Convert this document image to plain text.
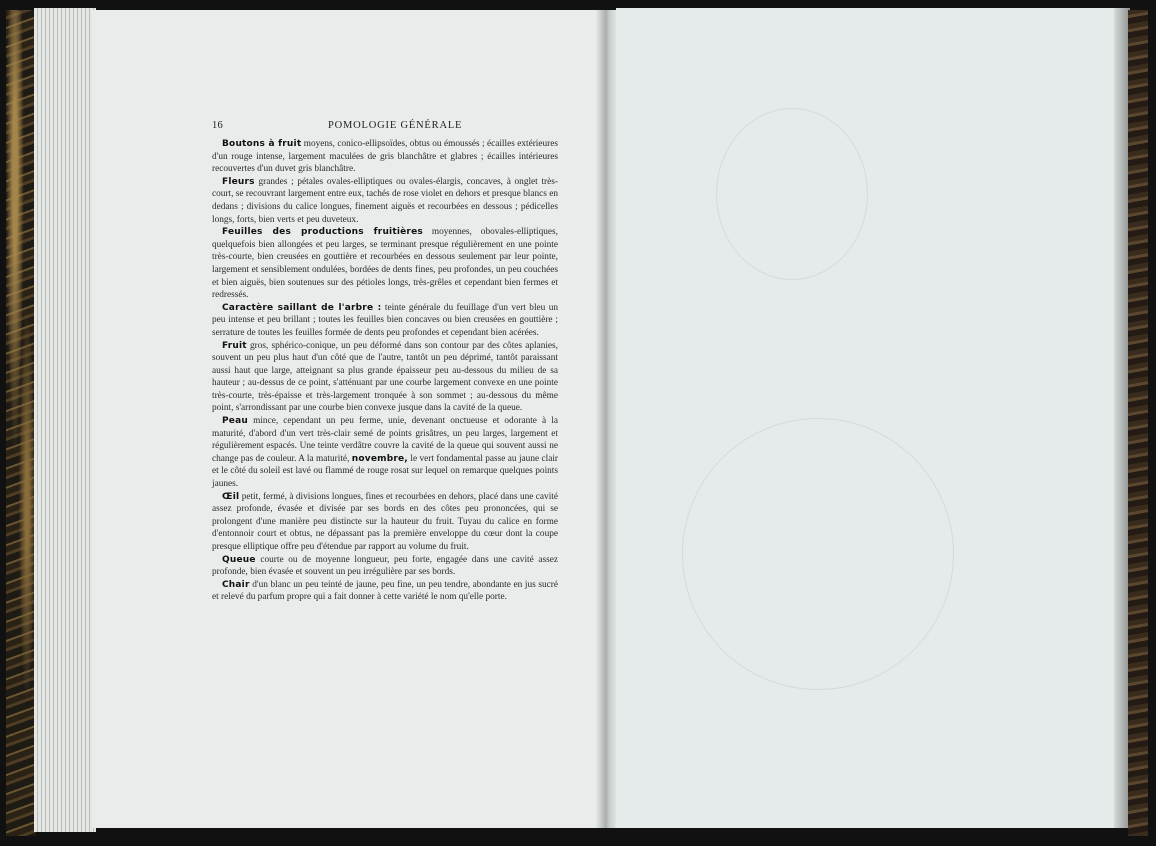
16	POMOLOGIE GÉNÉRALE

Boutons à fruit moyens, conico-ellipsoïdes, obtus ou émoussés ; écailles extérieures d'un rouge intense, largement maculées de gris blanchâtre et glabres ; écailles intérieures recouvertes d'un duvet gris blanchâtre.

Fleurs grandes ; pétales ovales-elliptiques ou ovales-élargis, concaves, à onglet très-court, se recouvrant largement entre eux, tachés de rose violet en dehors et presque blancs en dedans ; divisions du calice longues, finement aiguës et recourbées en dessous ; pédicelles longs, forts, bien verts et peu duveteux.

Feuilles des productions fruitières moyennes, obovales-elliptiques, quelquefois bien allongées et peu larges, se terminant presque régulièrement en une pointe très-courte, bien creusées en gouttière et recourbées en dessous seulement par leur pointe, largement et sensiblement ondulées, bordées de dents fines, peu profondes, un peu couchées et bien aiguës, bien soutenues sur des pétioles longs, très-grêles et cependant bien fermes et redressés.

Caractère saillant de l'arbre : teinte générale du feuillage d'un vert bleu un peu intense et peu brillant ; toutes les feuilles bien concaves ou bien creusées en gouttière ; serrature de toutes les feuilles formée de dents peu profondes et cependant bien acérées.

Fruit gros, sphérico-conique, un peu déformé dans son contour par des côtes aplanies, souvent un peu plus haut d'un côté que de l'autre, tantôt un peu déprimé, tantôt paraissant aussi haut que large, atteignant sa plus grande épaisseur peu au-dessous du milieu de sa hauteur ; au-dessus de ce point, s'atténuant par une courbe largement convexe en une pointe très-courte, très-épaisse et très-largement tronquée à son sommet ; au-dessous du même point, s'arrondissant par une courbe bien convexe jusque dans la cavité de la queue.

Peau mince, cependant un peu ferme, unie, devenant onctueuse et odorante à la maturité, d'abord d'un vert très-clair semé de points grisâtres, un peu larges, largement et régulièrement espacés. Une teinte verdâtre couvre la cavité de la queue qui souvent aussi ne change pas de couleur. A la maturité, novembre, le vert fondamental passe au jaune clair et le côté du soleil est lavé ou flammé de rouge rosat sur lequel on remarque quelques points jaunes.

Œil petit, fermé, à divisions longues, fines et recourbées en dehors, placé dans une cavité assez profonde, évasée et divisée par ses bords en des côtes peu prononcées, qui se prolongent d'une manière peu distincte sur la hauteur du fruit. Tuyau du calice en forme d'entonnoir court et obtus, ne dépassant pas la première enveloppe du cœur dont la coupe presque elliptique offre peu d'étendue par rapport au volume du fruit.

Queue courte ou de moyenne longueur, peu forte, engagée dans une cavité assez profonde, bien évasée et souvent un peu irrégulière par ses bords.

Chair d'un blanc un peu teinté de jaune, peu fine, un peu tendre, abondante en jus sucré et relevé du parfum propre qui a fait donner à cette variété le nom qu'elle porte.
